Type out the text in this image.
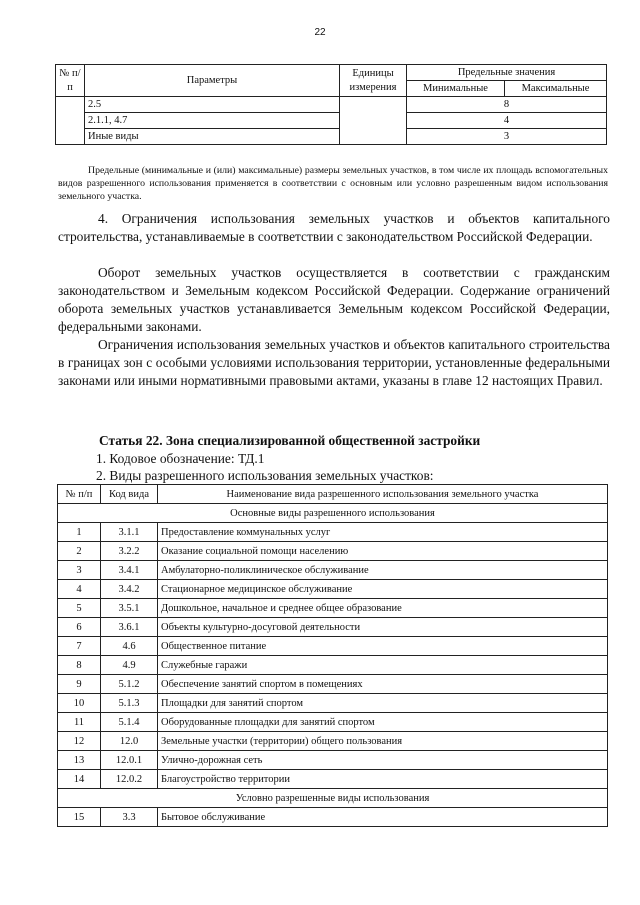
22
№ п/п	Параметры	Единицы измерения	Предельные значения	
			Минимальные	Максимальные
	2.5		8	
	2.1.1, 4.7		4	
	Иные виды		3	
Предельные (минимальные и (или) максимальные) размеры земельных участков, в том числе их площадь вспомогательных видов разрешенного использования применяется в соответствии с основным или условно разрешенным видом использования земельного участка.
4. Ограничения использования земельных участков и объектов капитального строительства, устанавливаемые в соответствии с законодательством Российской Федерации.
Оборот земельных участков осуществляется в соответствии с гражданским законодательством и Земельным кодексом Российской Федерации. Содержание ограничений оборота земельных участков устанавливается Земельным кодексом Российской Федерации, федеральными законами.
Ограничения использования земельных участков и объектов капитального строительства в границах зон с особыми условиями использования территории, установленные федеральными законами или иными нормативными правовыми актами, указаны в главе 12 настоящих Правил.
Статья 22. Зона специализированной общественной застройки
1. Кодовое обозначение: ТД.1
2. Виды разрешенного использования земельных участков:
№ п/п	Код вида	Наименование вида разрешенного использования земельного участка
Основные виды разрешенного использования		
1	3.1.1	Предоставление коммунальных услуг
2	3.2.2	Оказание социальной помощи населению
3	3.4.1	Амбулаторно-поликлиническое обслуживание
4	3.4.2	Стационарное медицинское обслуживание
5	3.5.1	Дошкольное, начальное и среднее общее образование
6	3.6.1	Объекты культурно-досуговой деятельности
7	4.6	Общественное питание
8	4.9	Служебные гаражи
9	5.1.2	Обеспечение занятий спортом в помещениях
10	5.1.3	Площадки для занятий спортом
11	5.1.4	Оборудованные площадки для занятий спортом
12	12.0	Земельные участки (территории) общего пользования
13	12.0.1	Улично-дорожная сеть
14	12.0.2	Благоустройство территории
Условно разрешенные виды использования		
15	3.3	Бытовое обслуживание
